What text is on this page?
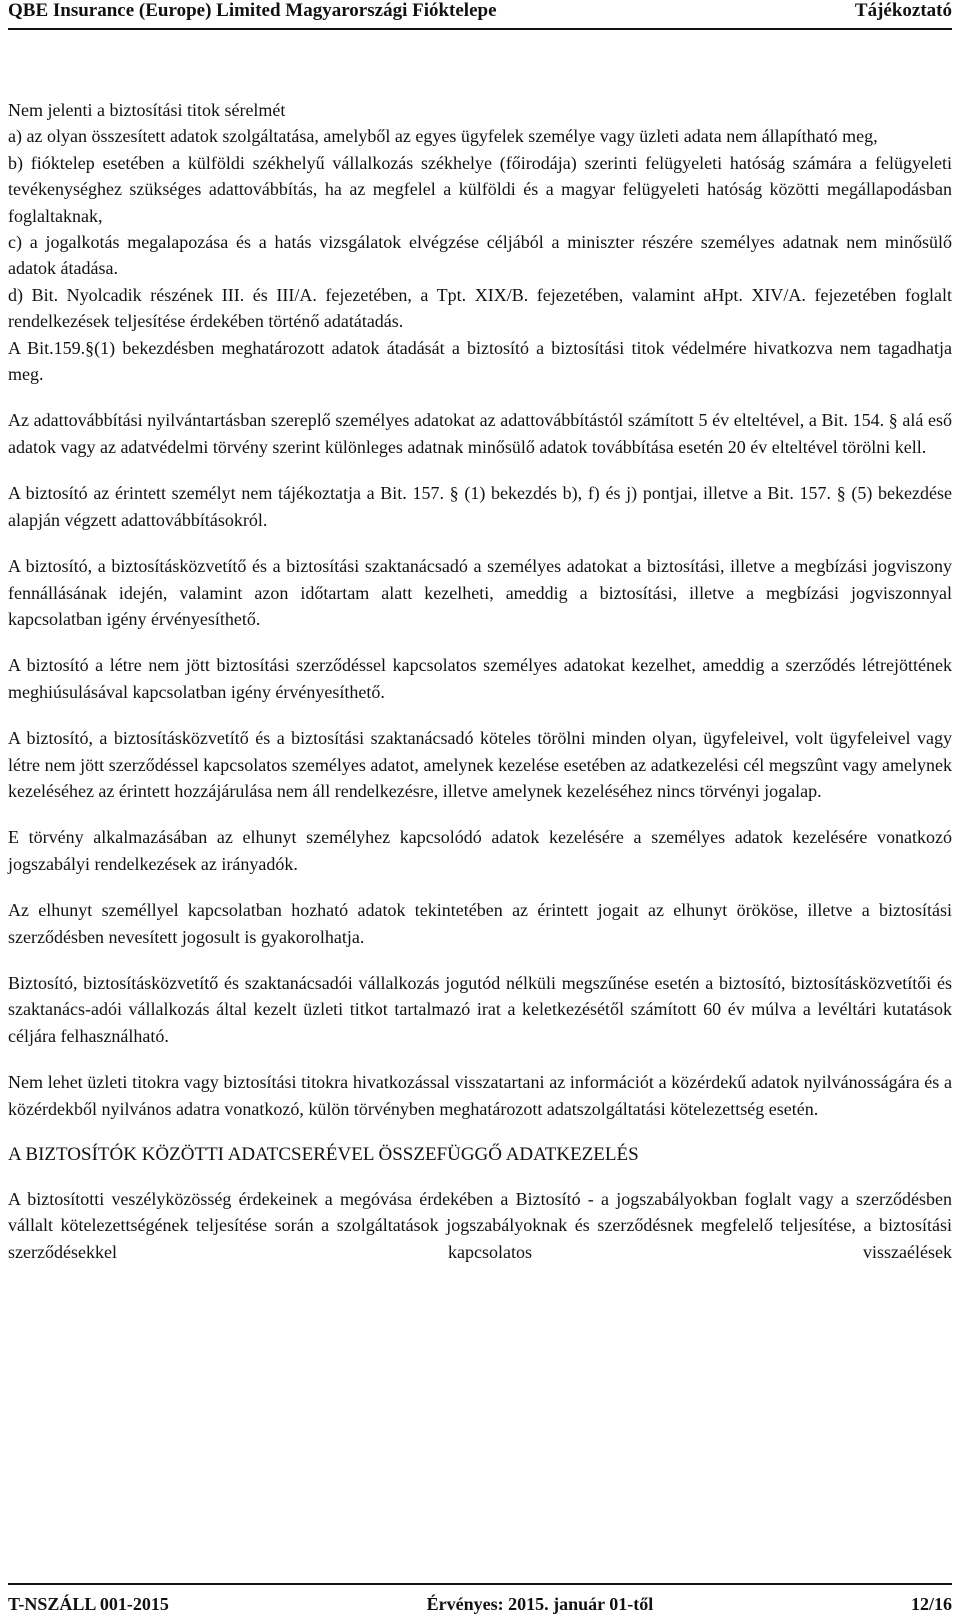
QBE Insurance (Europe) Limited Magyarországi Fióktelepe	Tájékoztató

Nem jelenti a biztosítási titok sérelmét
a) az olyan összesített adatok szolgáltatása, amelyből az egyes ügyfelek személye vagy üzleti adata nem állapítható meg,
b) fióktelep esetében a külföldi székhelyű vállalkozás székhelye (főirodája) szerinti felügyeleti hatóság számára a felügyeleti tevékenységhez szükséges adattovábbítás, ha az megfelel a külföldi és a magyar felügyeleti hatóság közötti megállapodásban foglaltaknak,
c) a jogalkotás megalapozása és a hatás vizsgálatok elvégzése céljából a miniszter részére személyes adatnak nem minősülő adatok átadása.
d) Bit. Nyolcadik részének III. és III/A. fejezetében, a Tpt. XIX/B. fejezetében, valamint aHpt. XIV/A. fejezetében foglalt rendelkezések teljesítése érdekében történő adatátadás.
A Bit.159.§(1) bekezdésben meghatározott adatok átadását a biztosító a biztosítási titok védelmére hivatkozva nem tagadhatja meg.

Az adattovábbítási nyilvántartásban szereplő személyes adatokat az adattovábbítástól számított 5 év elteltével, a Bit. 154. § alá eső adatok vagy az adatvédelmi törvény szerint különleges adatnak minősülő adatok továbbítása esetén 20 év elteltével törölni kell.

A biztosító az érintett személyt nem tájékoztatja a Bit. 157. § (1) bekezdés b), f) és j) pontjai, illetve a Bit. 157. § (5) bekezdése alapján végzett adattovábbításokról.

A biztosító, a biztosításközvetítő és a biztosítási szaktanácsadó a személyes adatokat a biztosítási, illetve a megbízási jogviszony fennállásának idején, valamint azon időtartam alatt kezelheti, ameddig a biztosítási, illetve a megbízási jogviszonnyal kapcsolatban igény érvényesíthető.

A biztosító a létre nem jött biztosítási szerződéssel kapcsolatos személyes adatokat kezelhet, ameddig a szerződés létrejöttének meghiúsulásával kapcsolatban igény érvényesíthető.

A biztosító, a biztosításközvetítő és a biztosítási szaktanácsadó köteles törölni minden olyan, ügyfeleivel, volt ügyfeleivel vagy létre nem jött szerződéssel kapcsolatos személyes adatot, amelynek kezelése esetében az adatkezelési cél megszûnt vagy amelynek kezeléséhez az érintett hozzájárulása nem áll rendelkezésre, illetve amelynek kezeléséhez nincs törvényi jogalap.

E törvény alkalmazásában az elhunyt személyhez kapcsolódó adatok kezelésére a személyes adatok kezelésére vonatkozó jogszabályi rendelkezések az irányadók.

Az elhunyt személlyel kapcsolatban hozható adatok tekintetében az érintett jogait az elhunyt örököse, illetve a biztosítási szerződésben nevesített jogosult is gyakorolhatja.

Biztosító, biztosításközvetítő és szaktanácsadói vállalkozás jogutód nélküli megszűnése esetén a biztosító, biztosításközvetítői és szaktanács-adói vállalkozás által kezelt üzleti titkot tartalmazó irat a keletkezésétől számított 60 év múlva a levéltári kutatások céljára felhasználható.

Nem lehet üzleti titokra vagy biztosítási titokra hivatkozással visszatartani az információt a közérdekű adatok nyilvánosságára és a közérdekből nyilvános adatra vonatkozó, külön törvényben meghatározott adatszolgáltatási kötelezettség esetén.

A BIZTOSÍTÓK KÖZÖTTI ADATCSERÉVEL ÖSSZEFÜGGŐ ADATKEZELÉS

A biztosítotti veszélyközösség érdekeinek a megóvása érdekében a Biztosító - a jogszabályokban foglalt vagy a szerződésben vállalt kötelezettségének teljesítése során a szolgáltatások jogszabályoknak és szerződésnek megfelelő teljesítése, a biztosítási szerződésekkel kapcsolatos visszaélések

T-NSZÁLL 001-2015	Érvényes: 2015. január 01-től	12/16
